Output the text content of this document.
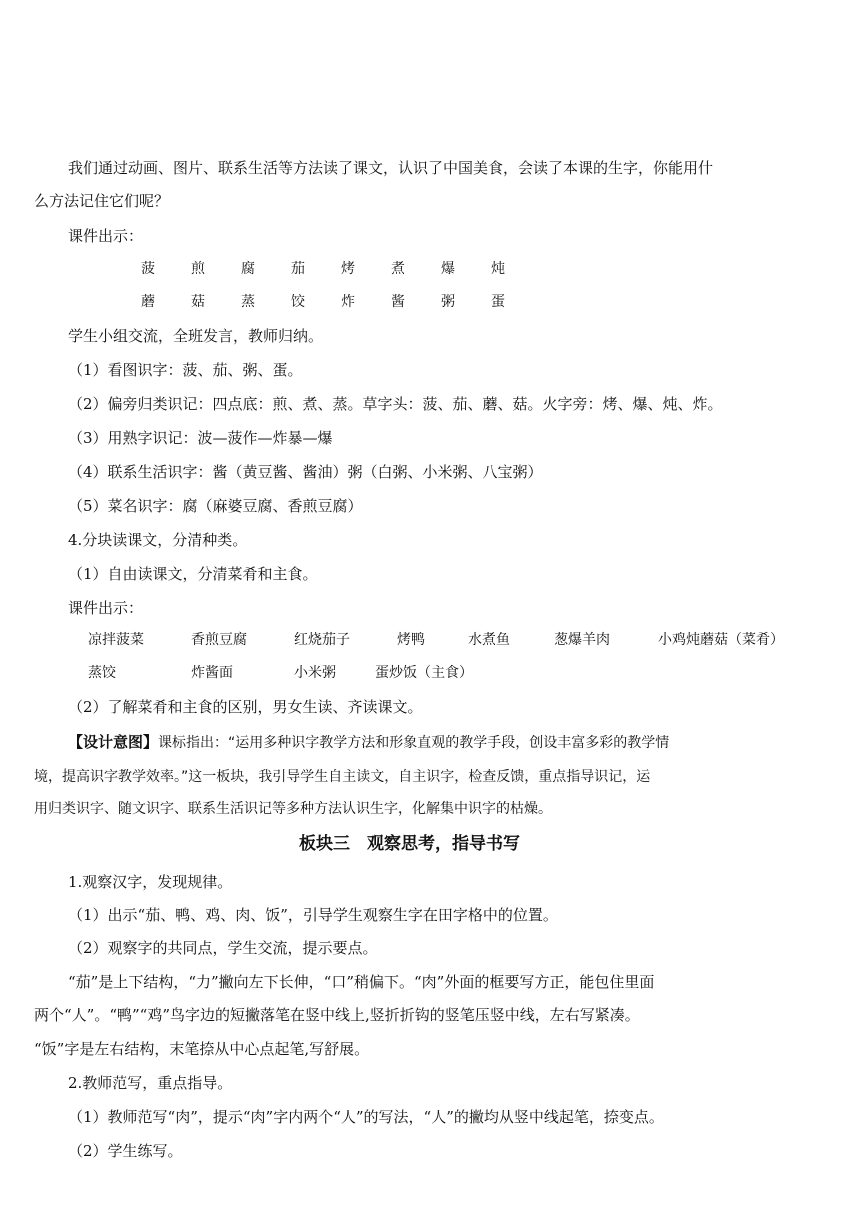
我们通过动画、图片、联系生活等方法读了课文，认识了中国美食，会读了本课的生字，你能用什
么方法记住它们呢？
课件出示：
菠	煎	腐	茄	烤	煮	爆	炖
蘑	菇	蒸	饺	炸	酱	粥	蛋
学生小组交流，全班发言，教师归纳。
（1）看图识字：菠、茄、粥、蛋。
（2）偏旁归类识记：四点底：煎、煮、蒸。草字头：菠、茄、蘑、菇。火字旁：烤、爆、炖、炸。
（3）用熟字识记：波—菠作—炸暴—爆
（4）联系生活识字：酱（黄豆酱、酱油）粥（白粥、小米粥、八宝粥）
（5）菜名识字：腐（麻婆豆腐、香煎豆腐）
4.分块读课文，分清种类。
（1）自由读课文，分清菜肴和主食。
课件出示：
凉拌菠菜	香煎豆腐	红烧茄子	烤鸭	水煮鱼	葱爆羊肉	小鸡炖蘑菇（菜肴）
蒸饺	炸酱面	小米粥	蛋炒饭（主食）
（2）了解菜肴和主食的区别，男女生读、齐读课文。
【设计意图】课标指出：“运用多种识字教学方法和形象直观的教学手段，创设丰富多彩的教学情
境，提高识字教学效率。”这一板块，我引导学生自主读文，自主识字，检查反馈，重点指导识记，运
用归类识字、随文识字、联系生活识记等多种方法认识生字，化解集中识字的枯燥。
板块三　观察思考，指导书写
1.观察汉字，发现规律。
（1）出示“茄、鸭、鸡、肉、饭”，引导学生观察生字在田字格中的位置。
（2）观察字的共同点，学生交流，提示要点。
“茄”是上下结构，“力”撇向左下长伸，“口”稍偏下。“肉”外面的框要写方正，能包住里面
两个“人”。“鸭”“鸡”鸟字边的短撇落笔在竖中线上,竖折折钩的竖笔压竖中线，左右写紧凑。
“饭”字是左右结构，末笔捺从中心点起笔,写舒展。
2.教师范写，重点指导。
（1）教师范写“肉”，提示“肉”字内两个“人”的写法，“人”的撇均从竖中线起笔，捺变点。
（2）学生练写。
